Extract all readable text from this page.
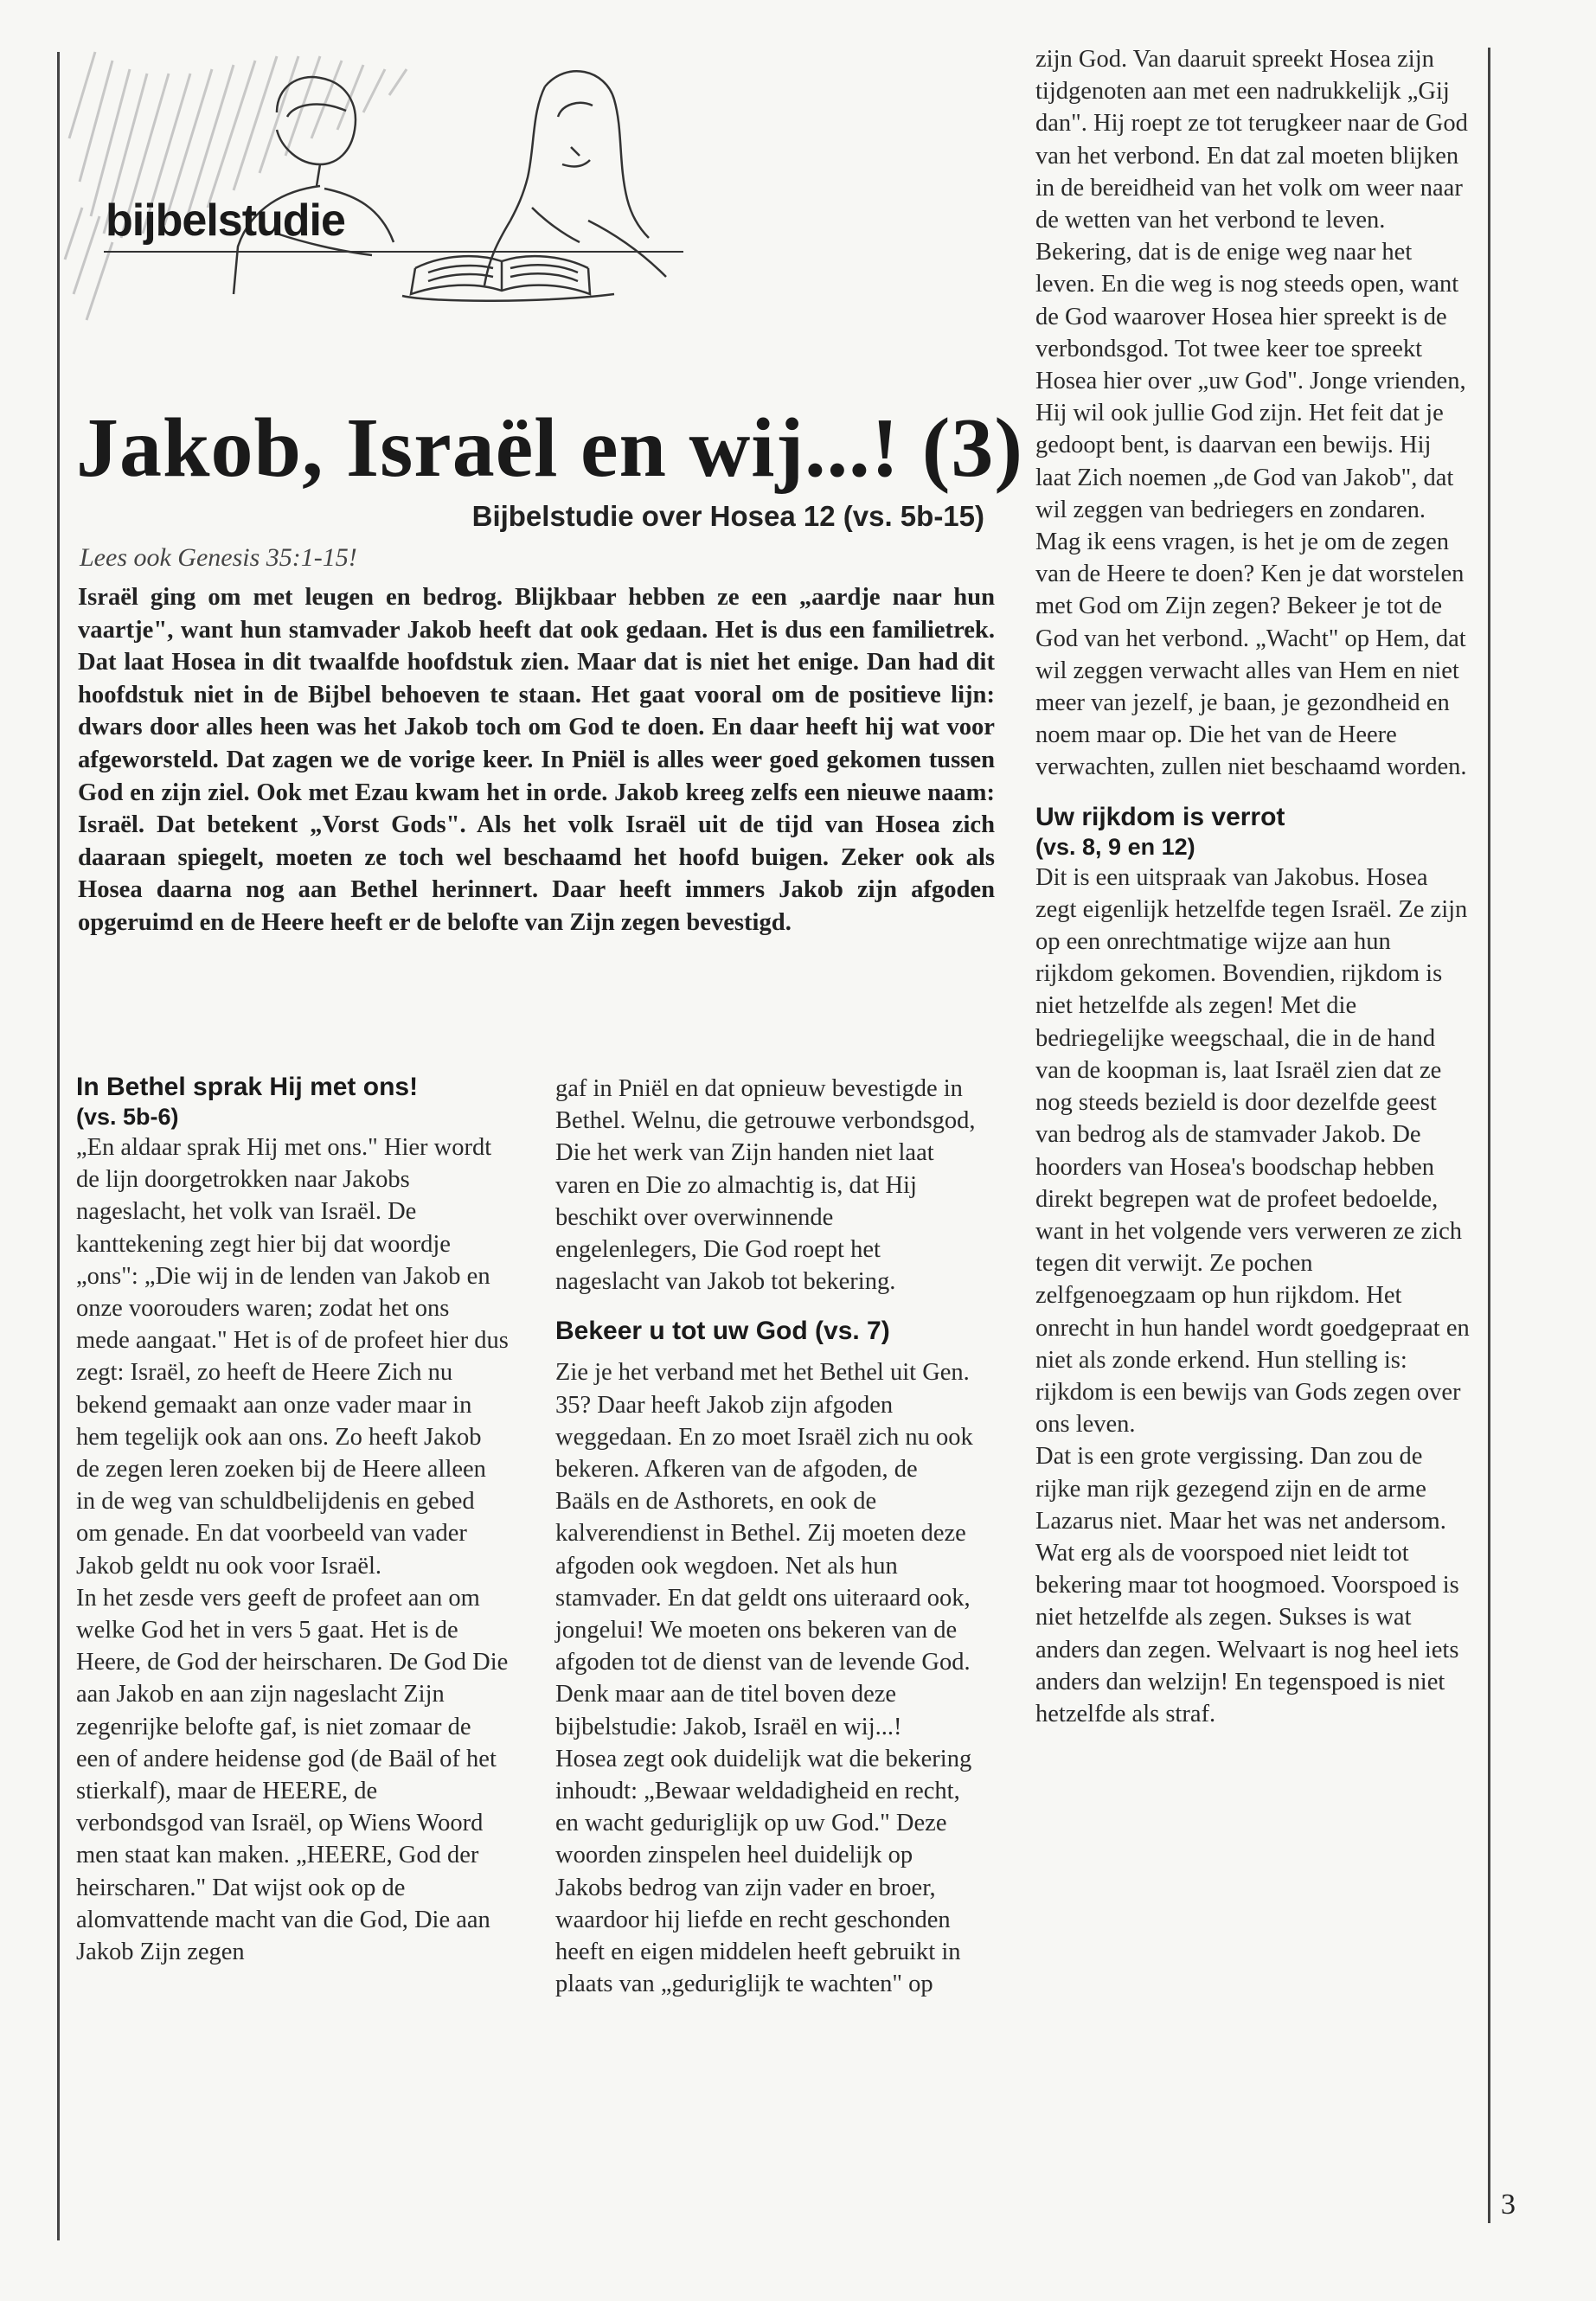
bijbelstudie
Jakob, Israël en wij...! (3)
Bijbelstudie over Hosea 12 (vs. 5b-15)
Lees ook Genesis 35:1-15!

Israël ging om met leugen en bedrog. Blijkbaar hebben ze een „aardje naar hun vaartje", want hun stamvader Jakob heeft dat ook gedaan. Het is dus een familietrek. Dat laat Hosea in dit twaalfde hoofdstuk zien. Maar dat is niet het enige. Dan had dit hoofdstuk niet in de Bijbel behoeven te staan. Het gaat vooral om de positieve lijn: dwars door alles heen was het Jakob toch om God te doen. En daar heeft hij wat voor afgeworsteld. Dat zagen we de vorige keer. In Pniël is alles weer goed gekomen tussen God en zijn ziel. Ook met Ezau kwam het in orde. Jakob kreeg zelfs een nieuwe naam: Israël. Dat betekent „Vorst Gods". Als het volk Israël uit de tijd van Hosea zich daaraan spiegelt, moeten ze toch wel beschaamd het hoofd buigen. Zeker ook als Hosea daarna nog aan Bethel herinnert. Daar heeft immers Jakob zijn afgoden opgeruimd en de Heere heeft er de belofte van Zijn zegen bevestigd.

In Bethel sprak Hij met ons!

(vs. 5b-6)

„En aldaar sprak Hij met ons." Hier wordt de lijn doorgetrokken naar Jakobs nageslacht, het volk van Israël. De kanttekening zegt hier bij dat woordje „ons": „Die wij in de lenden van Jakob en onze voorouders waren; zodat het ons mede aangaat." Het is of de profeet hier dus zegt: Israël, zo heeft de Heere Zich nu bekend gemaakt aan onze vader maar in hem tegelijk ook aan ons. Zo heeft Jakob de zegen leren zoeken bij de Heere alleen in de weg van schuldbelijdenis en gebed om genade. En dat voorbeeld van vader Jakob geldt nu ook voor Israël.

In het zesde vers geeft de profeet aan om welke God het in vers 5 gaat. Het is de Heere, de God der heirscharen. De God Die aan Jakob en aan zijn nageslacht Zijn zegenrijke belofte gaf, is niet zomaar de een of andere heidense god (de Baäl of het stierkalf), maar de HEERE, de verbondsgod van Israël, op Wiens Woord men staat kan maken. „HEERE, God der heirscharen." Dat wijst ook op de alomvattende macht van die God, Die aan Jakob Zijn zegen

gaf in Pniël en dat opnieuw bevestigde in Bethel. Welnu, die getrouwe verbondsgod, Die het werk van Zijn handen niet laat varen en Die zo almachtig is, dat Hij beschikt over overwinnende engelenlegers, Die God roept het nageslacht van Jakob tot bekering.

Bekeer u tot uw God (vs. 7)

Zie je het verband met het Bethel uit Gen. 35? Daar heeft Jakob zijn afgoden weggedaan. En zo moet Israël zich nu ook bekeren. Afkeren van de afgoden, de Baäls en de Asthorets, en ook de kalverendienst in Bethel. Zij moeten deze afgoden ook wegdoen. Net als hun stamvader. En dat geldt ons uiteraard ook, jongelui! We moeten ons bekeren van de afgoden tot de dienst van de levende God. Denk maar aan de titel boven deze bijbelstudie: Jakob, Israël en wij...!

Hosea zegt ook duidelijk wat die bekering inhoudt: „Bewaar weldadigheid en recht, en wacht geduriglijk op uw God." Deze woorden zinspelen heel duidelijk op Jakobs bedrog van zijn vader en broer, waardoor hij liefde en recht geschonden heeft en eigen middelen heeft gebruikt in plaats van „geduriglijk te wachten" op

zijn God. Van daaruit spreekt Hosea zijn tijdgenoten aan met een nadrukkelijk „Gij dan". Hij roept ze tot terugkeer naar de God van het verbond. En dat zal moeten blijken in de bereidheid van het volk om weer naar de wetten van het verbond te leven. Bekering, dat is de enige weg naar het leven. En die weg is nog steeds open, want de God waarover Hosea hier spreekt is de verbondsgod. Tot twee keer toe spreekt Hosea hier over „uw God". Jonge vrienden, Hij wil ook jullie God zijn. Het feit dat je gedoopt bent, is daarvan een bewijs. Hij laat Zich noemen „de God van Jakob", dat wil zeggen van bedriegers en zondaren. Mag ik eens vragen, is het je om de zegen van de Heere te doen? Ken je dat worstelen met God om Zijn zegen? Bekeer je tot de God van het verbond. „Wacht" op Hem, dat wil zeggen verwacht alles van Hem en niet meer van jezelf, je baan, je gezondheid en noem maar op. Die het van de Heere verwachten, zullen niet beschaamd worden.

Uw rijkdom is verrot

(vs. 8, 9 en 12)

Dit is een uitspraak van Jakobus. Hosea zegt eigenlijk hetzelfde tegen Israël. Ze zijn op een onrechtmatige wijze aan hun rijkdom gekomen. Bovendien, rijkdom is niet hetzelfde als zegen! Met die bedriegelijke weegschaal, die in de hand van de koopman is, laat Israël zien dat ze nog steeds bezield is door dezelfde geest van bedrog als de stamvader Jakob. De hoorders van Hosea's boodschap hebben direkt begrepen wat de profeet bedoelde, want in het volgende vers verweren ze zich tegen dit verwijt. Ze pochen zelfgenoegzaam op hun rijkdom. Het onrecht in hun handel wordt goedgepraat en niet als zonde erkend. Hun stelling is: rijkdom is een bewijs van Gods zegen over ons leven.

Dat is een grote vergissing. Dan zou de rijke man rijk gezegend zijn en de arme Lazarus niet. Maar het was net andersom. Wat erg als de voorspoed niet leidt tot bekering maar tot hoogmoed. Voorspoed is niet hetzelfde als zegen. Sukses is wat anders dan zegen. Welvaart is nog heel iets anders dan welzijn! En tegenspoed is niet hetzelfde als straf.

3
